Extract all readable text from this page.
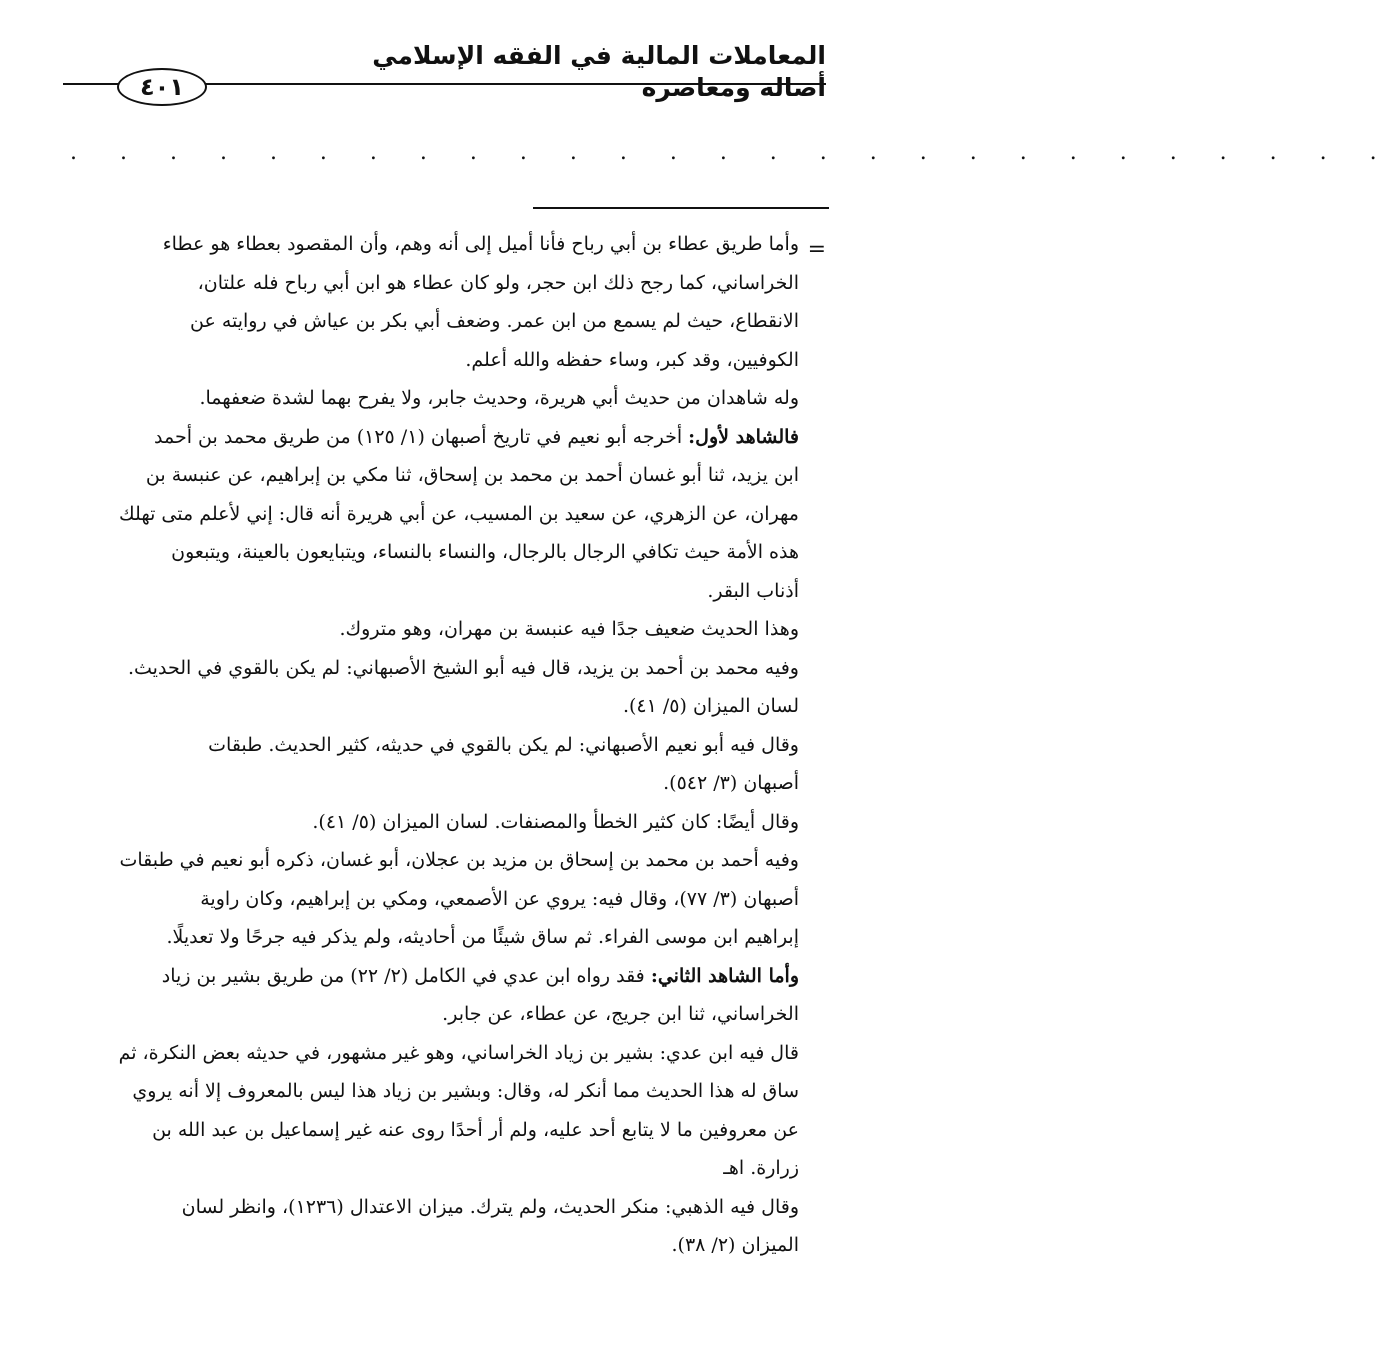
المعاملات المالية في الفقه الإسلامي أصالة ومعاصرة
٤٠١
. . . . . . . . . . . . . . . . . . . . . . . . . . .
=
وأما طريق عطاء بن أبي رباح فأنا أميل إلى أنه وهم، وأن المقصود بعطاء هو عطاء
الخراساني، كما رجح ذلك ابن حجر، ولو كان عطاء هو ابن أبي رباح فله علتان،
الانقطاع، حيث لم يسمع من ابن عمر. وضعف أبي بكر بن عياش في روايته عن
الكوفيين، وقد كبر، وساء حفظه والله أعلم.
وله شاهدان من حديث أبي هريرة، وحديث جابر، ولا يفرح بهما لشدة ضعفهما.
فالشاهد لأول: أخرجه أبو نعيم في تاريخ أصبهان (١/ ١٢٥) من طريق محمد بن أحمد
ابن يزيد، ثنا أبو غسان أحمد بن محمد بن إسحاق، ثنا مكي بن إبراهيم، عن عنبسة بن
مهران، عن الزهري، عن سعيد بن المسيب، عن أبي هريرة أنه قال: إني لأعلم متى تهلك
هذه الأمة حيث تكافي الرجال بالرجال، والنساء بالنساء، ويتبايعون بالعينة، ويتبعون
أذناب البقر.
وهذا الحديث ضعيف جدًا فيه عنبسة بن مهران، وهو متروك.
وفيه محمد بن أحمد بن يزيد، قال فيه أبو الشيخ الأصبهاني: لم يكن بالقوي في الحديث.
لسان الميزان (٥/ ٤١).
وقال فيه أبو نعيم الأصبهاني: لم يكن بالقوي في حديثه، كثير الحديث. طبقات
أصبهان (٣/ ٥٤٢).
وقال أيضًا: كان كثير الخطأ والمصنفات. لسان الميزان (٥/ ٤١).
وفيه أحمد بن محمد بن إسحاق بن مزيد بن عجلان، أبو غسان، ذكره أبو نعيم في طبقات
أصبهان (٣/ ٧٧)، وقال فيه: يروي عن الأصمعي، ومكي بن إبراهيم، وكان راوية
إبراهيم ابن موسى الفراء. ثم ساق شيئًا من أحاديثه، ولم يذكر فيه جرحًا ولا تعديلًا.
وأما الشاهد الثاني: فقد رواه ابن عدي في الكامل (٢/ ٢٢) من طريق بشير بن زياد
الخراساني، ثنا ابن جريج، عن عطاء، عن جابر.
قال فيه ابن عدي: بشير بن زياد الخراساني، وهو غير مشهور، في حديثه بعض النكرة، ثم
ساق له هذا الحديث مما أنكر له، وقال: وبشير بن زياد هذا ليس بالمعروف إلا أنه يروي
عن معروفين ما لا يتابع أحد عليه، ولم أر أحدًا روى عنه غير إسماعيل بن عبد الله بن
زرارة. اهـ
وقال فيه الذهبي: منكر الحديث، ولم يترك. ميزان الاعتدال (١٢٣٦)، وانظر لسان
الميزان (٢/ ٣٨).
